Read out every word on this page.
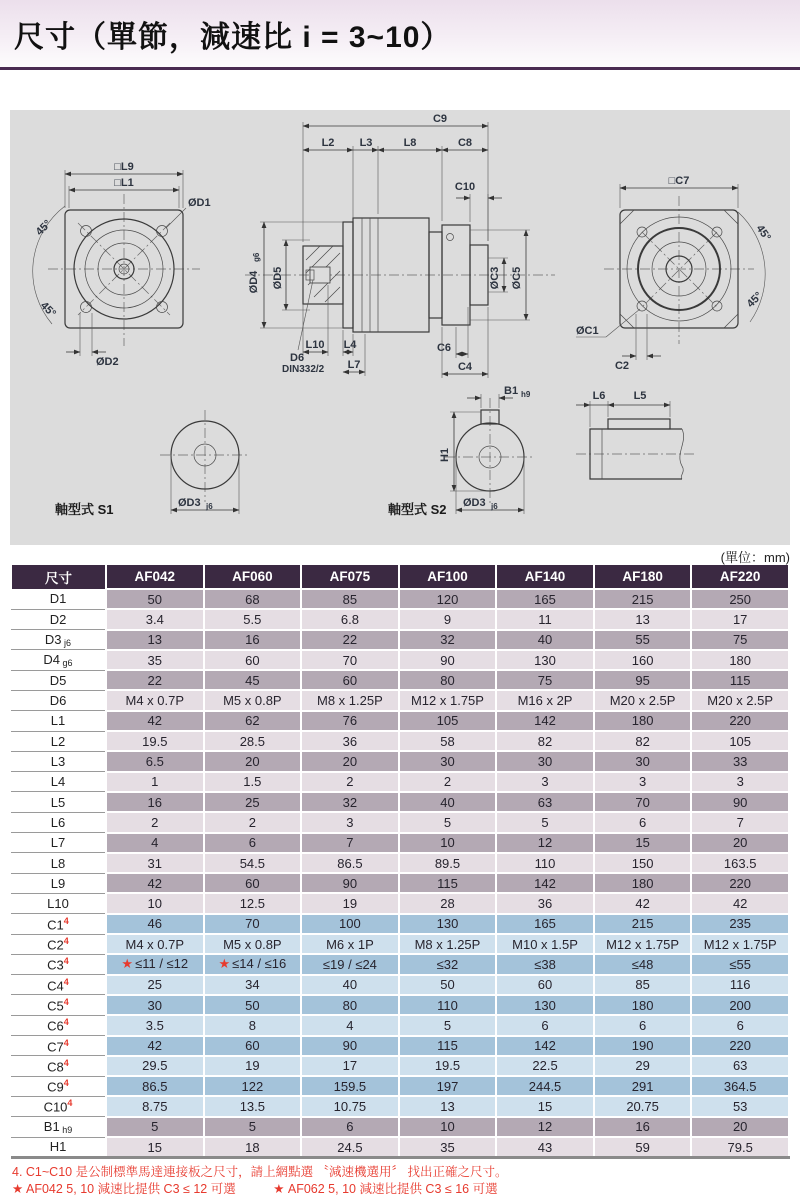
尺寸（單節，減速比 i = 3~10）
□L9
□L1
ØD1
ØD2
45°
45°
C9
L2 L3	L8	C8
C10
ØD4
g6
ØD5	ØC3 ØC5
L10 L4
L7
D6
DIN332/2
C6
C4
□C7
45°
45°
ØC1
C2
ØD3 j6
軸型式 S1
B1 h9
H1
ØD3 j6
軸型式 S2
L6	L5
(單位：mm)
尺寸	AF042	AF060	AF075	AF100	AF140	AF180	AF220
D1	50	68	85	120	165	215	250
D2	3.4	5.5	6.8	9	11	13	17
D3 $_{j6}$	13	16	22	32	40	55	75
D4 $_{g6}$	35	60	70	90	130	160	180
D5	22	45	60	80	75	95	115
D6	M4 x 0.7P	M5 x 0.8P	M8 x 1.25P	M12 x 1.75P	M16 x 2P	M20 x 2.5P	M20 x 2.5P
L1	42	62	76	105	142	180	220
L2	19.5	28.5	36	58	82	82	105
L3	6.5	20	20	30	30	30	33
L4	1	1.5	2	2	3	3	3
L5	16	25	32	40	63	70	90
L6	2	2	3	5	5	6	7
L7	4	6	7	10	12	15	20
L8	31	54.5	86.5	89.5	110	150	163.5
L9	42	60	90	115	142	180	220
L10	10	12.5	19	28	36	42	42
$C1^4$	46	70	100	130	165	215	235
$C2^4$	M4 x 0.7P	M5 x 0.8P	M6 x 1P	M8 x 1.25P	M10 x 1.5P	M12 x 1.75P	M12 x 1.75P
$C3^4$	★ ≤11 / ≤12	★ ≤14 / ≤16	≤19 / ≤24	≤32	≤38	≤48	≤55
$C4^4$	25	34	40	50	60	85	116
$C5^4$	30	50	80	110	130	180	200
$C6^4$	3.5	8	4	5	6	6	6
$C7^4$	42	60	90	115	142	190	220
$C8^4$	29.5	19	17	19.5	22.5	29	63
$C9^4$	86.5	122	159.5	197	244.5	291	364.5
$C10^4$	8.75	13.5	10.75	13	15	20.75	53
B1 $_{h9}$	5	5	6	10	12	16	20
H1	15	18	24.5	35	43	59	79.5
4. C1~C10 是公制標準馬達連接板之尺寸，請上網點選 〝減速機選用〞 找出正確之尺寸。
★ AF042 5, 10 減速比提供 C3 ≤ 12 可選	★ AF062 5, 10 減速比提供 C3 ≤ 16 可選
